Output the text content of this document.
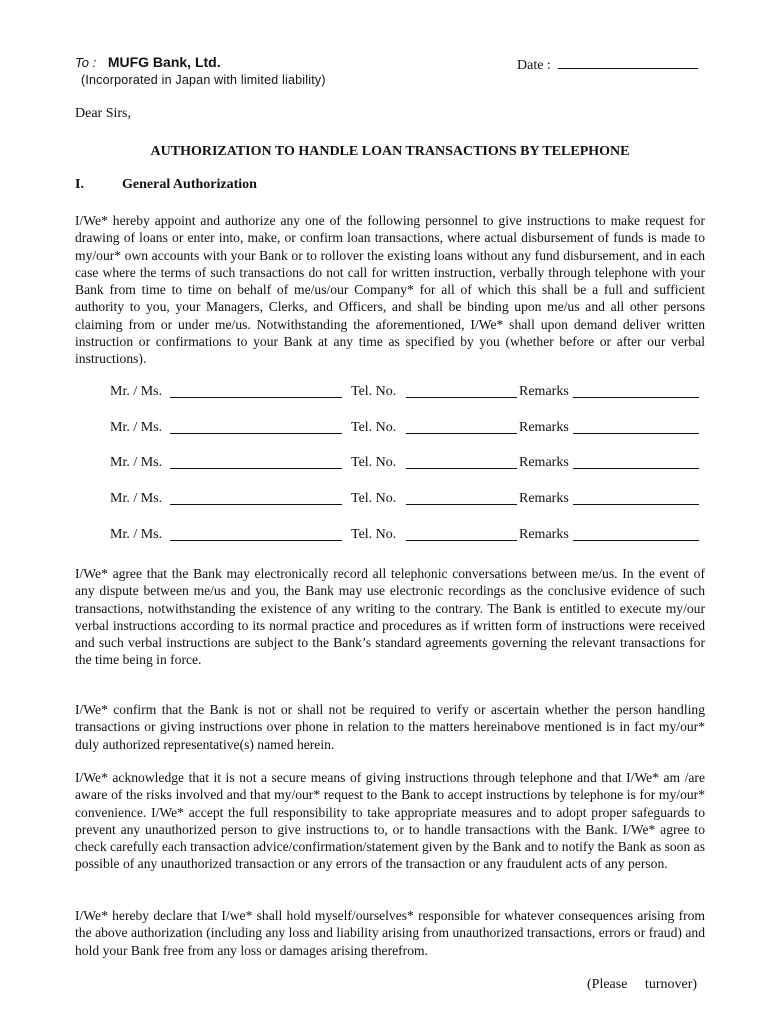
To : MUFG Bank, Ltd.
(Incorporated in Japan with limited liability)
Date :
Dear Sirs,
AUTHORIZATION TO HANDLE LOAN TRANSACTIONS BY TELEPHONE
I.	General Authorization

I/We* hereby appoint and authorize any one of the following personnel to give instructions to make request for drawing of loans or enter into, make, or confirm loan transactions, where actual disbursement of funds is made to my/our* own accounts with your Bank or to rollover the existing loans without any fund disbursement, and in each case where the terms of such transactions do not call for written instruction, verbally through telephone with your Bank from time to time on behalf of me/us/our Company* for all of which this shall be a full and sufficient authority to you, your Managers, Clerks, and Officers, and shall be binding upon me/us and all other persons claiming from or under me/us. Notwithstanding the aforementioned, I/We* shall upon demand deliver written instruction or confirmations to your Bank at any time as specified by you (whether before or after our verbal instructions).

Mr. / Ms.	Tel. No.	Remarks
Mr. / Ms.	Tel. No.	Remarks
Mr. / Ms.	Tel. No.	Remarks
Mr. / Ms.	Tel. No.	Remarks
Mr. / Ms.	Tel. No.	Remarks

I/We* agree that the Bank may electronically record all telephonic conversations between me/us. In the event of any dispute between me/us and you, the Bank may use electronic recordings as the conclusive evidence of such transactions, notwithstanding the existence of any writing to the contrary. The Bank is entitled to execute my/our verbal instructions according to its normal practice and procedures as if written form of instructions were received and such verbal instructions are subject to the Bank’s standard agreements governing the relevant transactions for the time being in force.

I/We* confirm that the Bank is not or shall not be required to verify or ascertain whether the person handling transactions or giving instructions over phone in relation to the matters hereinabove mentioned is in fact my/our* duly authorized representative(s) named herein.

I/We* acknowledge that it is not a secure means of giving instructions through telephone and that I/We* am /are aware of the risks involved and that my/our* request to the Bank to accept instructions by telephone is for my/our* convenience. I/We* accept the full responsibility to take appropriate measures and to adopt proper safeguards to prevent any unauthorized person to give instructions to, or to handle transactions with the Bank. I/We* agree to check carefully each transaction advice/confirmation/statement given by the Bank and to notify the Bank as soon as possible of any unauthorized transaction or any errors of the transaction or any fraudulent acts of any person.

I/We* hereby declare that I/we* shall hold myself/ourselves* responsible for whatever consequences arising from the above authorization (including any loss and liability arising from unauthorized transactions, errors or fraud) and hold your Bank free from any loss or damages arising therefrom.

(Please turnover)
